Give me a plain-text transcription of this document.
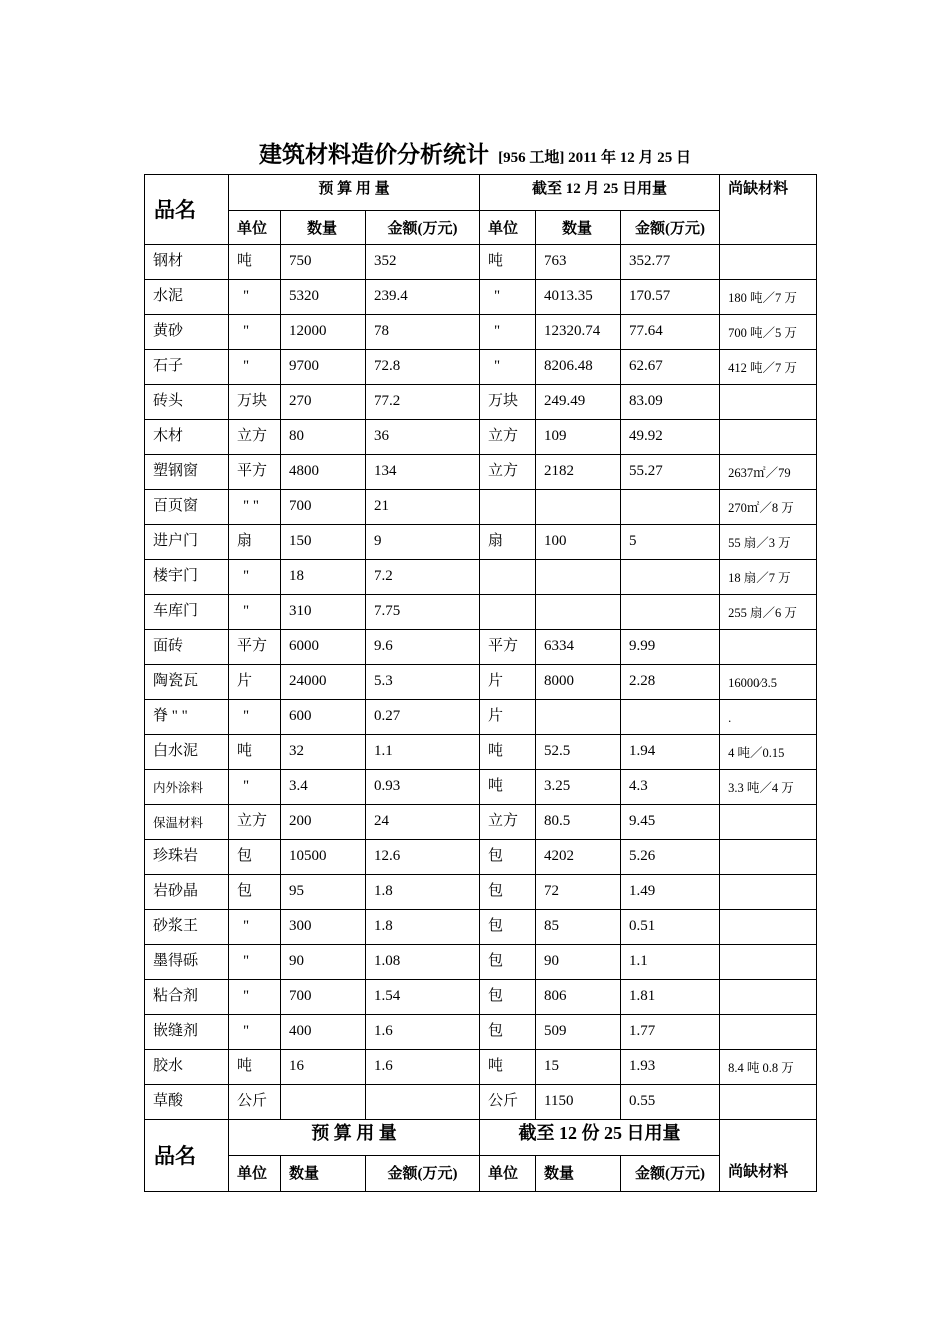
建筑材料造价分析统计 [956 工地] 2011 年 12 月 25 日
品名	预 算 用 量			截至 12 月 25 日用量			尚缺材料
	单位	数量	金额(万元)	单位	数量	金额(万元)	
钢材	吨	750	352	吨	763	352.77	
水泥	"	5320	239.4	"	4013.35	170.57	180 吨／7 万
黄砂	"	12000	78	"	12320.74	77.64	700 吨／5 万
石子	"	9700	72.8	"	8206.48	62.67	412 吨／7 万
砖头	万块	270	77.2	万块	249.49	83.09	
木材	立方	80	36	立方	109	49.92	
塑钢窗	平方	4800	134	立方	2182	55.27	2637㎡／79
百页窗	" "	700	21				270㎡／8 万
进户门	扇	150	9	扇	100	5	55 扇／3 万
楼宇门	"	18	7.2				18 扇／7 万
车库门	"	310	7.75				255 扇／6 万
面砖	平方	6000	9.6	平方	6334	9.99	
陶瓷瓦	片	24000	5.3	片	8000	2.28	16000∕3.5
脊 " "	"	600	0.27	片			.
白水泥	吨	32	1.1	吨	52.5	1.94	4 吨／0.15
内外涂料	"	3.4	0.93	吨	3.25	4.3	3.3 吨／4 万
保温材料	立方	200	24	立方	80.5	9.45	
珍珠岩	包	10500	12.6	包	4202	5.26	
岩砂晶	包	95	1.8	包	72	1.49	
砂浆王	"	300	1.8	包	85	0.51	
墨得砾	"	90	1.08	包	90	1.1	
粘合剂	"	700	1.54	包	806	1.81	
嵌缝剂	"	400	1.6	包	509	1.77	
胶水	吨	16	1.6	吨	15	1.93	8.4 吨 0.8 万
草酸	公斤			公斤	1150	0.55	
品名	预 算 用 量			截至 12 份 25 日用量			尚缺材料
	单位	数量	金额(万元)	单位	数量	金额(万元)	
